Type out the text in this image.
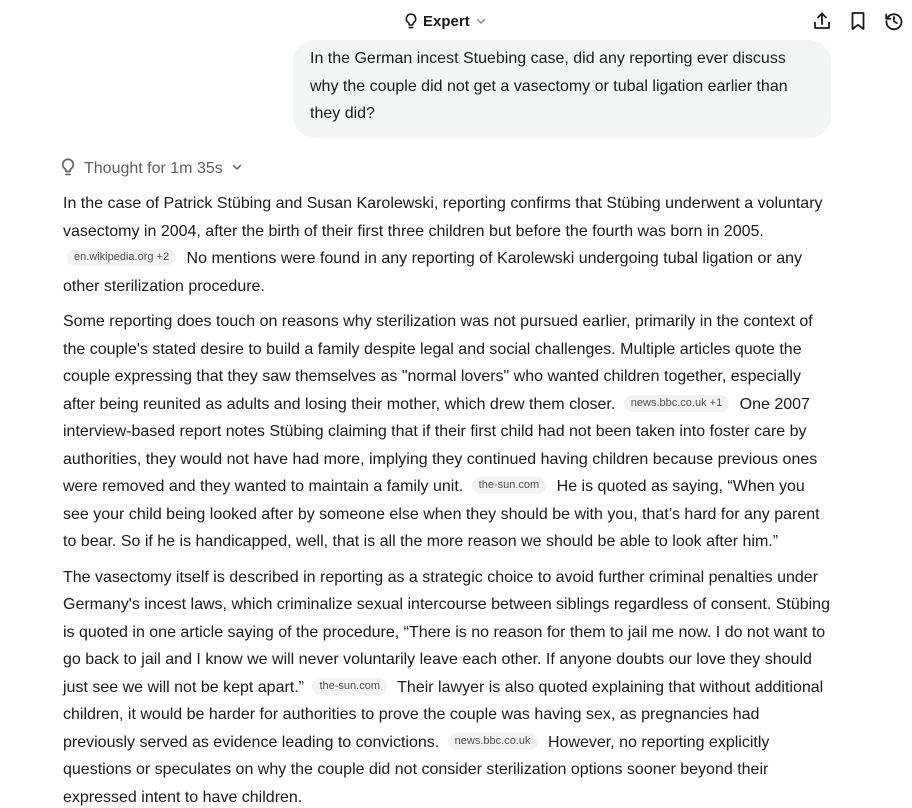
Expert
In the German incest Stuebing case, did any reporting ever discuss why the couple did not get a vasectomy or tubal ligation earlier than they did?
Thought for 1m 35s

In the case of Patrick Stübing and Susan Karolewski, reporting confirms that Stübing underwent a voluntary vasectomy in 2004, after the birth of their first three children but before the fourth was born in 2005. en.wikipedia.org +2 No mentions were found in any reporting of Karolewski undergoing tubal ligation or any other sterilization procedure.

Some reporting does touch on reasons why sterilization was not pursued earlier, primarily in the context of the couple's stated desire to build a family despite legal and social challenges. Multiple articles quote the couple expressing that they saw themselves as "normal lovers" who wanted children together, especially after being reunited as adults and losing their mother, which drew them closer. news.bbc.co.uk +1 One 2007 interview-based report notes Stübing claiming that if their first child had not been taken into foster care by authorities, they would not have had more, implying they continued having children because previous ones were removed and they wanted to maintain a family unit. the-sun.com He is quoted as saying, “When you see your child being looked after by someone else when they should be with you, that’s hard for any parent to bear. So if he is handicapped, well, that is all the more reason we should be able to look after him.”

The vasectomy itself is described in reporting as a strategic choice to avoid further criminal penalties under Germany's incest laws, which criminalize sexual intercourse between siblings regardless of consent. Stübing is quoted in one article saying of the procedure, “There is no reason for them to jail me now. I do not want to go back to jail and I know we will never voluntarily leave each other. If anyone doubts our love they should just see we will not be kept apart.” the-sun.com Their lawyer is also quoted explaining that without additional children, it would be harder for authorities to prove the couple was having sex, as pregnancies had previously served as evidence leading to convictions. news.bbc.co.uk However, no reporting explicitly questions or speculates on why the couple did not consider sterilization options sooner beyond their expressed intent to have children.
